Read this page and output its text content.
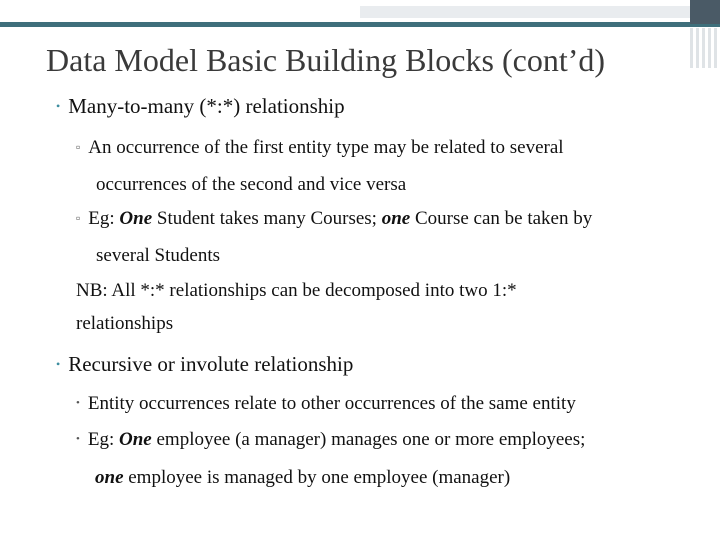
Data Model Basic Building Blocks (cont’d)
• Many-to-many (*:*) relationship
▫ An occurrence of the first entity type may be related to several
occurrences of the second and vice versa
▫ Eg: One Student takes many Courses; one Course can be taken by
several Students
NB: All *:* relationships can be decomposed into two 1:*
relationships
• Recursive or involute relationship
• Entity occurrences relate to other occurrences of the same entity
• Eg: One employee (a manager) manages one or more employees;
one employee is managed by one employee (manager)
